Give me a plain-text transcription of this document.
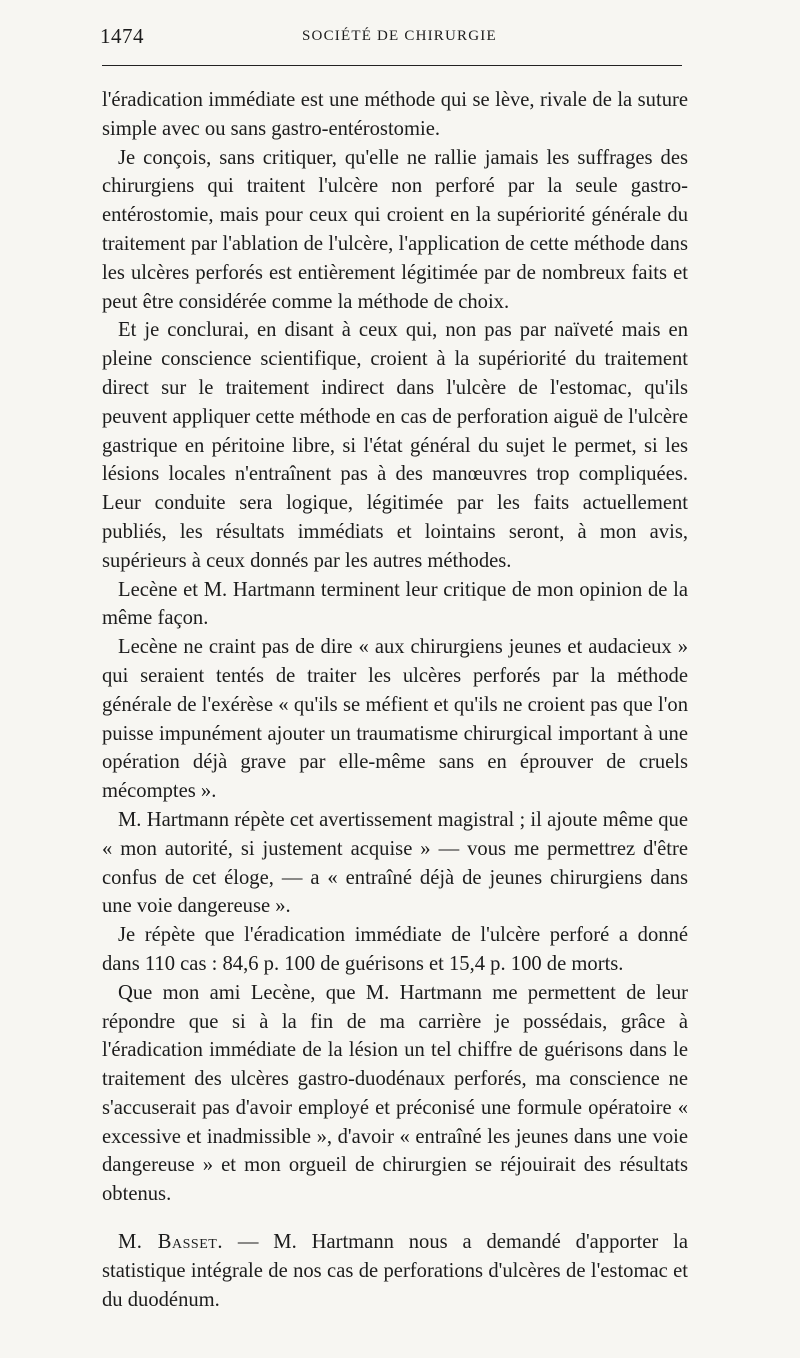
1474	SOCIÉTÉ DE CHIRURGIE

l'éradication immédiate est une méthode qui se lève, rivale de la suture simple avec ou sans gastro-entérostomie.

Je conçois, sans critiquer, qu'elle ne rallie jamais les suffrages des chirurgiens qui traitent l'ulcère non perforé par la seule gastro-entérostomie, mais pour ceux qui croient en la supériorité générale du traitement par l'ablation de l'ulcère, l'application de cette méthode dans les ulcères perforés est entièrement légitimée par de nombreux faits et peut être considérée comme la méthode de choix.

Et je conclurai, en disant à ceux qui, non pas par naïveté mais en pleine conscience scientifique, croient à la supériorité du traitement direct sur le traitement indirect dans l'ulcère de l'estomac, qu'ils peuvent appliquer cette méthode en cas de perforation aiguë de l'ulcère gastrique en péritoine libre, si l'état général du sujet le permet, si les lésions locales n'entraînent pas à des manœuvres trop compliquées. Leur conduite sera logique, légitimée par les faits actuellement publiés, les résultats immédiats et lointains seront, à mon avis, supérieurs à ceux donnés par les autres méthodes.

Lecène et M. Hartmann terminent leur critique de mon opinion de la même façon.

Lecène ne craint pas de dire « aux chirurgiens jeunes et audacieux » qui seraient tentés de traiter les ulcères perforés par la méthode générale de l'exérèse « qu'ils se méfient et qu'ils ne croient pas que l'on puisse impunément ajouter un traumatisme chirurgical important à une opération déjà grave par elle-même sans en éprouver de cruels mécomptes ».

M. Hartmann répète cet avertissement magistral ; il ajoute même que « mon autorité, si justement acquise » — vous me permettrez d'être confus de cet éloge, — a « entraîné déjà de jeunes chirurgiens dans une voie dangereuse ».

Je répète que l'éradication immédiate de l'ulcère perforé a donné dans 110 cas : 84,6 p. 100 de guérisons et 15,4 p. 100 de morts.

Que mon ami Lecène, que M. Hartmann me permettent de leur répondre que si à la fin de ma carrière je possédais, grâce à l'éradication immédiate de la lésion un tel chiffre de guérisons dans le traitement des ulcères gastro-duodénaux perforés, ma conscience ne s'accuserait pas d'avoir employé et préconisé une formule opératoire « excessive et inadmissible », d'avoir « entraîné les jeunes dans une voie dangereuse » et mon orgueil de chirurgien se réjouirait des résultats obtenus.

M. Basset. — M. Hartmann nous a demandé d'apporter la statistique intégrale de nos cas de perforations d'ulcères de l'estomac et du duodénum.
